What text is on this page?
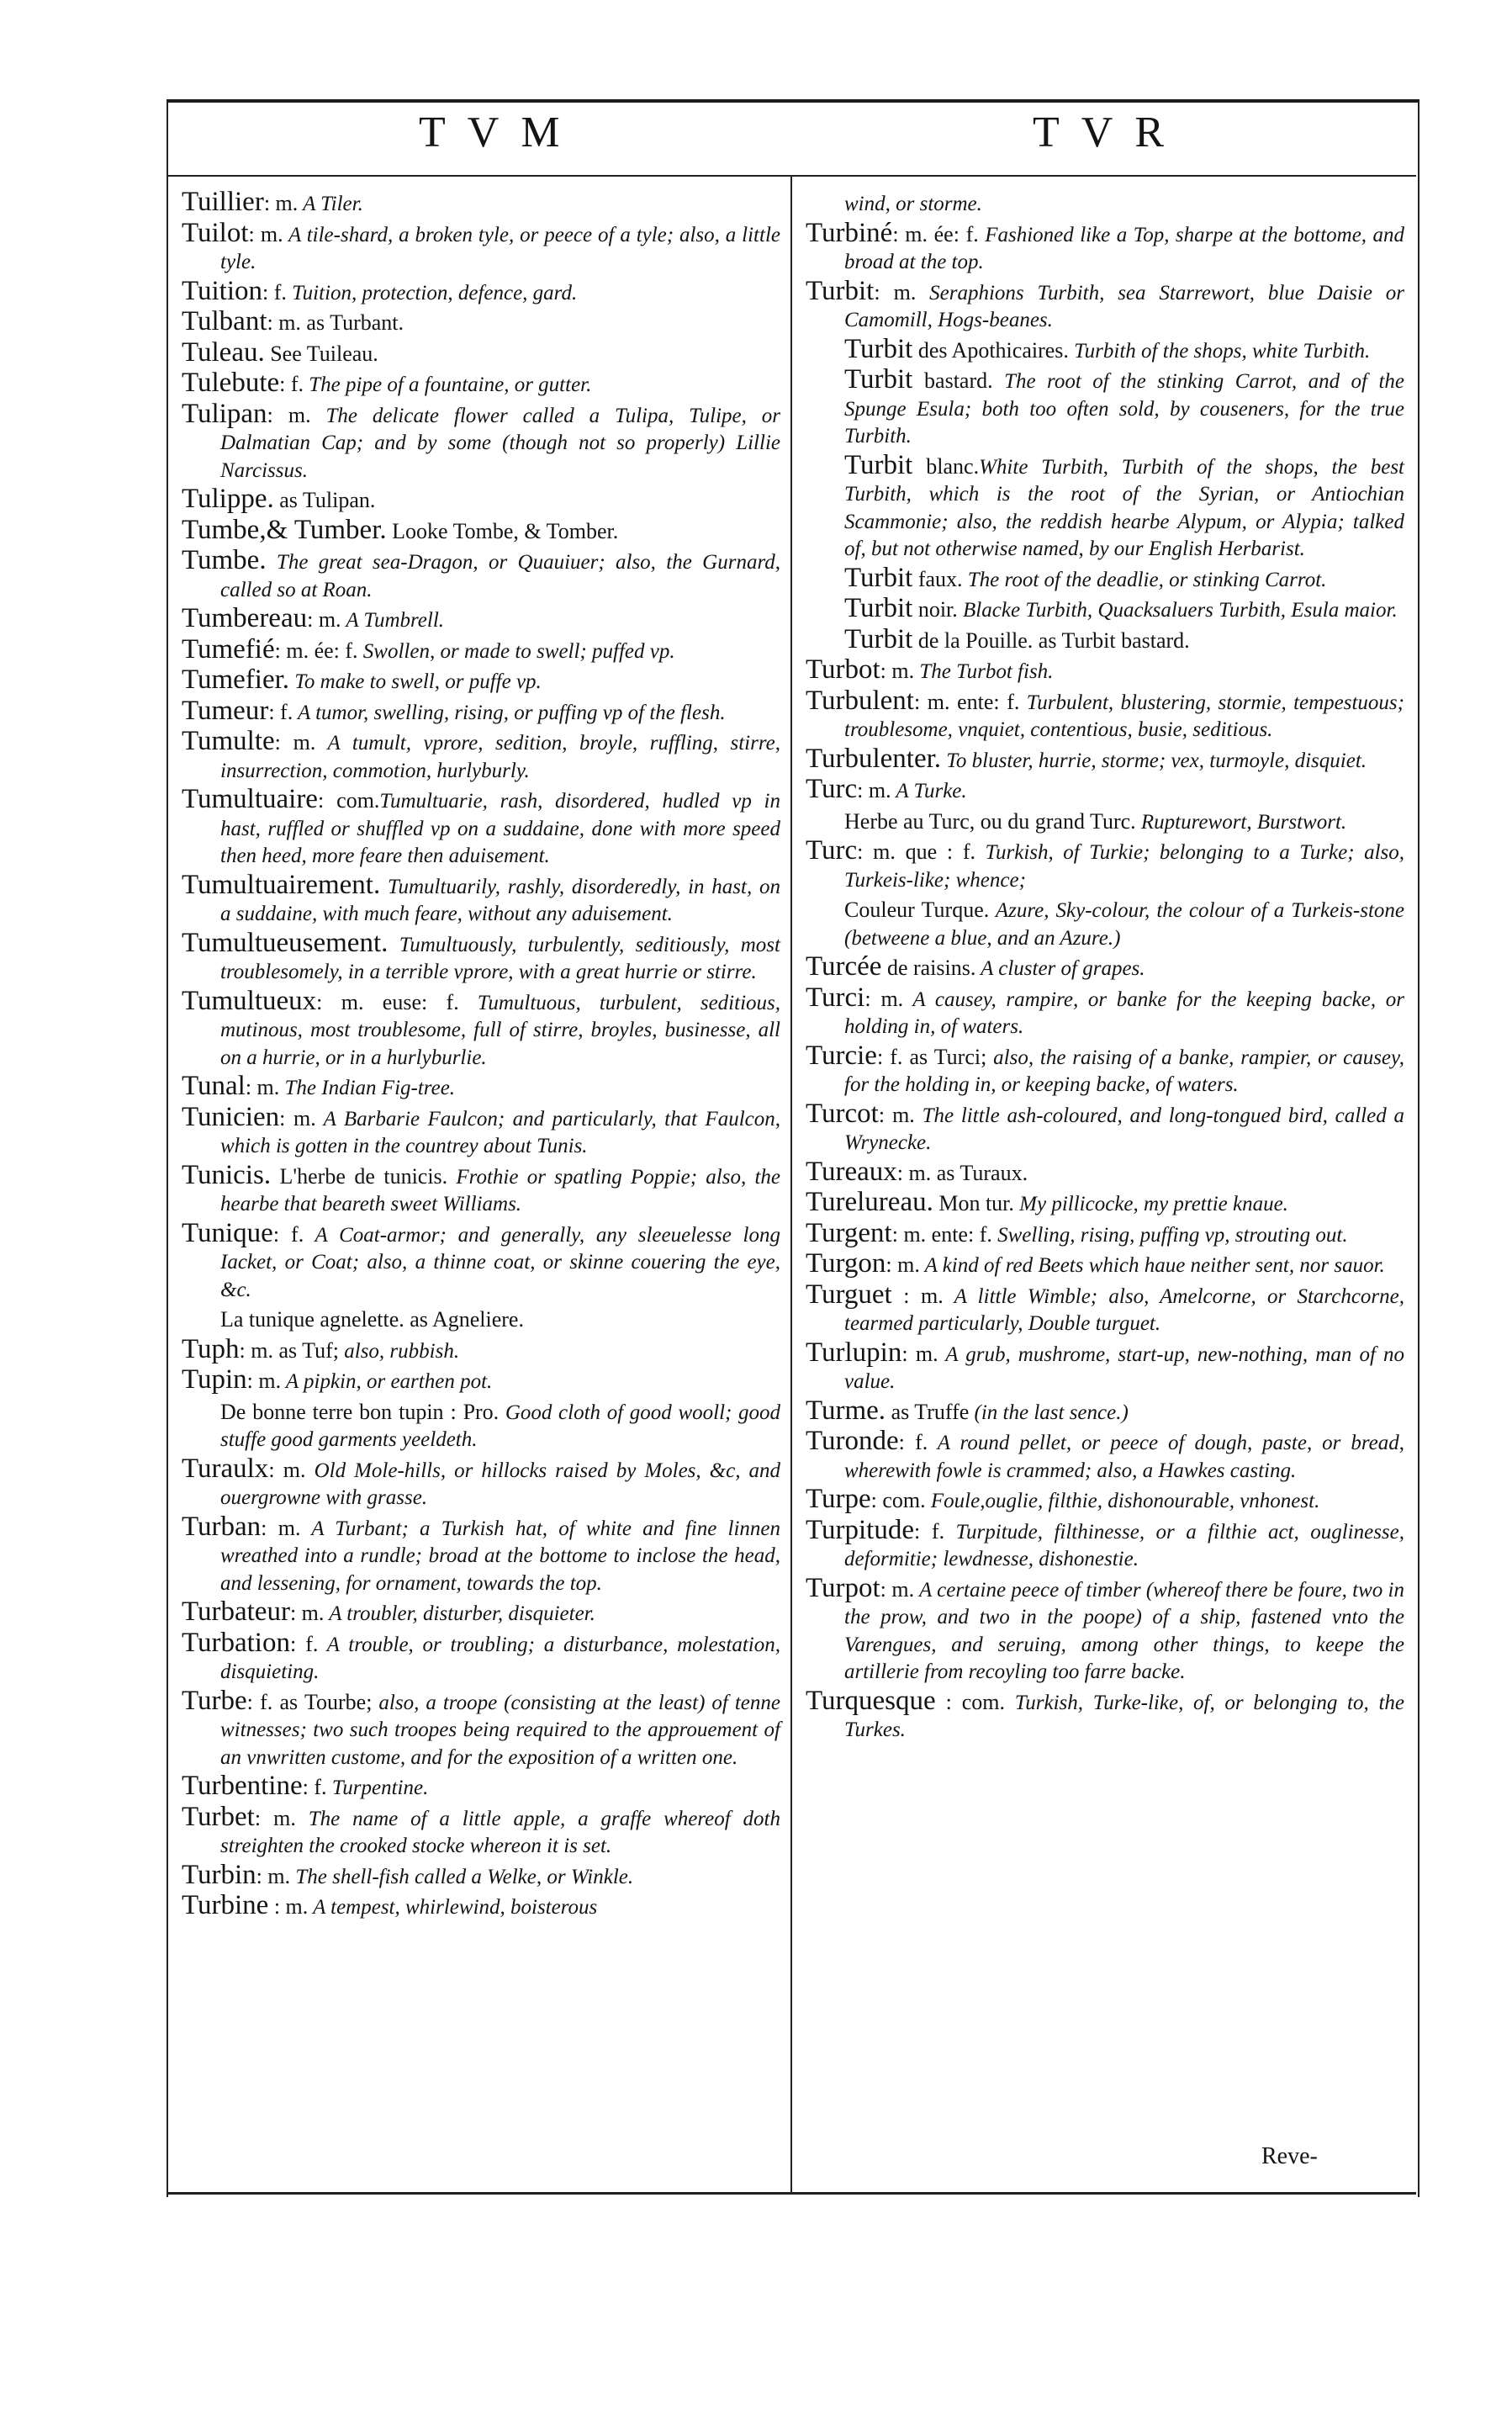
TVM	TVR

Tuillier: m. A Tiler.

Tuilot: m. A tile-shard, a broken tyle, or peece of a tyle; also, a little tyle.

Tuition: f. Tuition, protection, defence, gard.

Tulbant: m. as Turbant.

Tuleau. See Tuileau.

Tulebute: f. The pipe of a fountaine, or gutter.

Tulipan: m. The delicate flower called a Tulipa, Tulipe, or Dalmatian Cap; and by some (though not so properly) Lillie Narcissus.

Tulippe. as Tulipan.

Tumbe,& Tumber. Looke Tombe, & Tomber.

Tumbe. The great sea-Dragon, or Quauiuer; also, the Gurnard, called so at Roan.

Tumbereau: m. A Tumbrell.

Tumefié: m. ée: f. Swollen, or made to swell; puffed vp.

Tumefier. To make to swell, or puffe vp.

Tumeur: f. A tumor, swelling, rising, or puffing vp of the flesh.

Tumulte: m. A tumult, vprore, sedition, broyle, ruffling, stirre, insurrection, commotion, hurlyburly.

Tumultuaire: com.Tumultuarie, rash, disordered, hudled vp in hast, ruffled or shuffled vp on a suddaine, done with more speed then heed, more feare then aduisement.

Tumultuairement. Tumultuarily, rashly, disorderedly, in hast, on a suddaine, with much feare, without any aduisement.

Tumultueusement. Tumultuously, turbulently, seditiously, most troublesomely, in a terrible vprore, with a great hurrie or stirre.

Tumultueux: m. euse: f. Tumultuous, turbulent, seditious, mutinous, most troublesome, full of stirre, broyles, businesse, all on a hurrie, or in a hurlyburlie.

Tunal: m. The Indian Fig-tree.

Tunicien: m. A Barbarie Faulcon; and particularly, that Faulcon, which is gotten in the countrey about Tunis.

Tunicis. L'herbe de tunicis. Frothie or spatling Poppie; also, the hearbe that beareth sweet Williams.

Tunique: f. A Coat-armor; and generally, any sleeuelesse long Iacket, or Coat; also, a thinne coat, or skinne couering the eye, &c.

La tunique agnelette. as Agneliere.

Tuph: m. as Tuf; also, rubbish.

Tupin: m. A pipkin, or earthen pot.

De bonne terre bon tupin : Pro. Good cloth of good wooll; good stuffe good garments yeeldeth.

Turaulx: m. Old Mole-hills, or hillocks raised by Moles, &c, and ouergrowne with grasse.

Turban: m. A Turbant; a Turkish hat, of white and fine linnen wreathed into a rundle; broad at the bottome to inclose the head, and lessening, for ornament, towards the top.

Turbateur: m. A troubler, disturber, disquieter.

Turbation: f. A trouble, or troubling; a disturbance, molestation, disquieting.

Turbe: f. as Tourbe; also, a troope (consisting at the least) of tenne witnesses; two such troopes being required to the approuement of an vnwritten custome, and for the exposition of a written one.

Turbentine: f. Turpentine.

Turbet: m. The name of a little apple, a graffe whereof doth streighten the crooked stocke whereon it is set.

Turbin: m. The shell-fish called a Welke, or Winkle.

Turbine : m. A tempest, whirlewind, boisterous

wind, or storme.

Turbiné: m. ée: f. Fashioned like a Top, sharpe at the bottome, and broad at the top.

Turbit: m. Seraphions Turbith, sea Starrewort, blue Daisie or Camomill, Hogs-beanes.

Turbit des Apothicaires. Turbith of the shops, white Turbith.

Turbit bastard. The root of the stinking Carrot, and of the Spunge Esula; both too often sold, by couseners, for the true Turbith.

Turbit blanc.White Turbith, Turbith of the shops, the best Turbith, which is the root of the Syrian, or Antiochian Scammonie; also, the reddish hearbe Alypum, or Alypia; talked of, but not otherwise named, by our English Herbarist.

Turbit faux. The root of the deadlie, or stinking Carrot.

Turbit noir. Blacke Turbith, Quacksaluers Turbith, Esula maior.

Turbit de la Pouille. as Turbit bastard.

Turbot: m. The Turbot fish.

Turbulent: m. ente: f. Turbulent, blustering, stormie, tempestuous; troublesome, vnquiet, contentious, busie, seditious.

Turbulenter. To bluster, hurrie, storme; vex, turmoyle, disquiet.

Turc: m. A Turke.

Herbe au Turc, ou du grand Turc. Rupturewort, Burstwort.

Turc: m. que : f. Turkish, of Turkie; belonging to a Turke; also, Turkeis-like; whence;

Couleur Turque. Azure, Sky-colour, the colour of a Turkeis-stone (betweene a blue, and an Azure.)

Turcée de raisins. A cluster of grapes.

Turci: m. A causey, rampire, or banke for the keeping backe, or holding in, of waters.

Turcie: f. as Turci; also, the raising of a banke, rampier, or causey, for the holding in, or keeping backe, of waters.

Turcot: m. The little ash-coloured, and long-tongued bird, called a Wrynecke.

Tureaux: m. as Turaux.

Turelureau. Mon tur. My pillicocke, my prettie knaue.

Turgent: m. ente: f. Swelling, rising, puffing vp, strouting out.

Turgon: m. A kind of red Beets which haue neither sent, nor sauor.

Turguet : m. A little Wimble; also, Amelcorne, or Starchcorne, tearmed particularly, Double turguet.

Turlupin: m. A grub, mushrome, start-up, new-nothing, man of no value.

Turme. as Truffe (in the last sence.)

Turonde: f. A round pellet, or peece of dough, paste, or bread, wherewith fowle is crammed; also, a Hawkes casting.

Turpe: com. Foule,ouglie, filthie, dishonourable, vnhonest.

Turpitude: f. Turpitude, filthinesse, or a filthie act, ouglinesse, deformitie; lewdnesse, dishonestie.

Turpot: m. A certaine peece of timber (whereof there be foure, two in the prow, and two in the poope) of a ship, fastened vnto the Varengues, and seruing, among other things, to keepe the artillerie from recoyling too farre backe.

Turquesque : com. Turkish, Turke-like, of, or belonging to, the Turkes.

Reve-
